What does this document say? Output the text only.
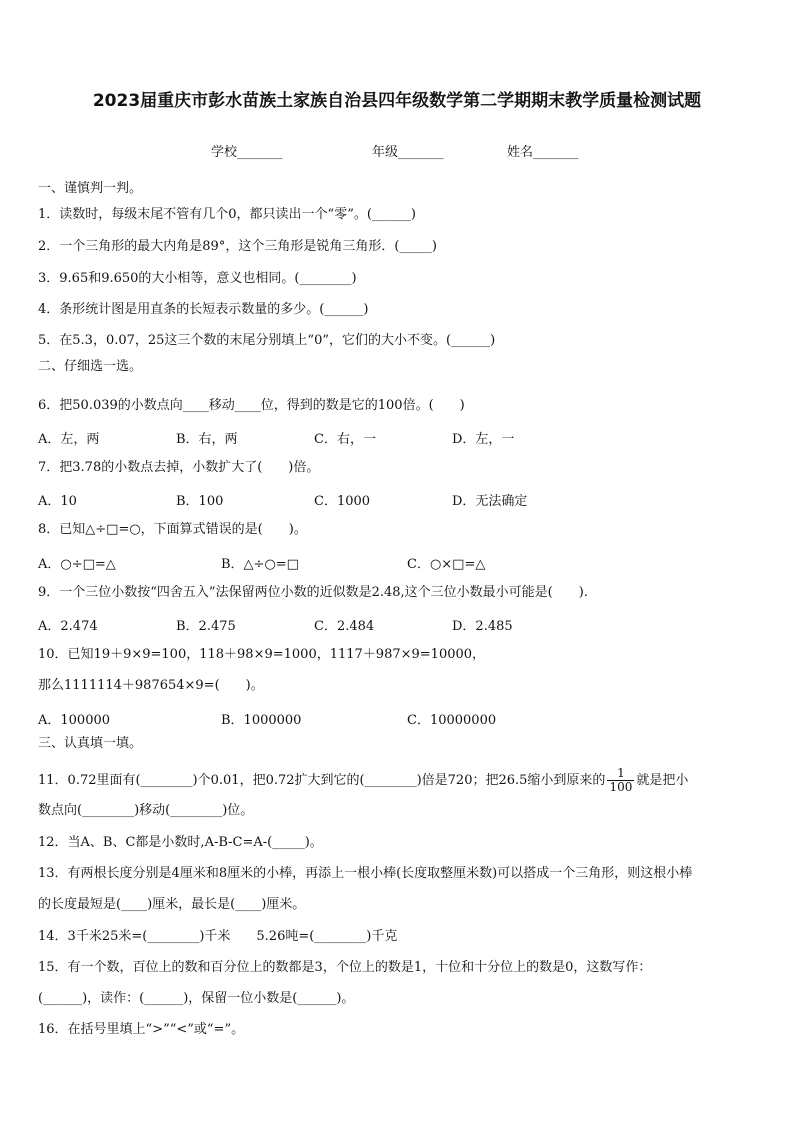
2023届重庆市彭水苗族土家族自治县四年级数学第二学期期末教学质量检测试题
学校_______	年级_______	姓名_______
一、谨慎判一判。
1．读数时，每级末尾不管有几个0，都只读出一个“零”。(______)
2．一个三角形的最大内角是89°，这个三角形是锐角三角形．(_____)
3．9.65和9.650的大小相等，意义也相同。(________)
4．条形统计图是用直条的长短表示数量的多少。(______)
5．在5.3，0.07，25这三个数的末尾分别填上“0”，它们的大小不变。(______)
二、仔细选一选。
6．把50.039的小数点向____移动____位，得到的数是它的100倍。(　　)
A．左，两	B．右，两	C．右，一	D．左，一
7．把3.78的小数点去掉，小数扩大了(　　)倍。
A．10	B．100	C．1000	D．无法确定
8．已知△÷□=○，下面算式错误的是(　　)。
A．○÷□=△	B．△÷○=□	C．○×□=△
9．一个三位小数按“四舍五入”法保留两位小数的近似数是2.48,这个三位小数最小可能是(　　).
A．2.474	B．2.475	C．2.484	D．2.485
10．已知19＋9×9=100，118＋98×9=1000，1117＋987×9=10000，
那么1111114＋987654×9=(　　)。
A．100000	B．1000000	C．10000000
三、认真填一填。
11．0.72里面有(________)个0.01，把0.72扩大到它的(________)倍是720；把26.5缩小到原来的 $\frac{1}{100}$ 就是把小
数点向(________)移动(________)位。
12．当A、B、C都是小数时,A-B-C=A-(_____)。
13．有两根长度分别是4厘米和8厘米的小棒，再添上一根小棒(长度取整厘米数)可以搭成一个三角形，则这根小棒
的长度最短是(____)厘米，最长是(____)厘米。
14．3千米25米=(________)千米　　5.26吨=(________)千克
15．有一个数，百位上的数和百分位上的数都是3，个位上的数是1，十位和十分位上的数是0，这数写作：
(______)，读作：(______)，保留一位小数是(______)。
16．在括号里填上“>”“<”或“=”。
